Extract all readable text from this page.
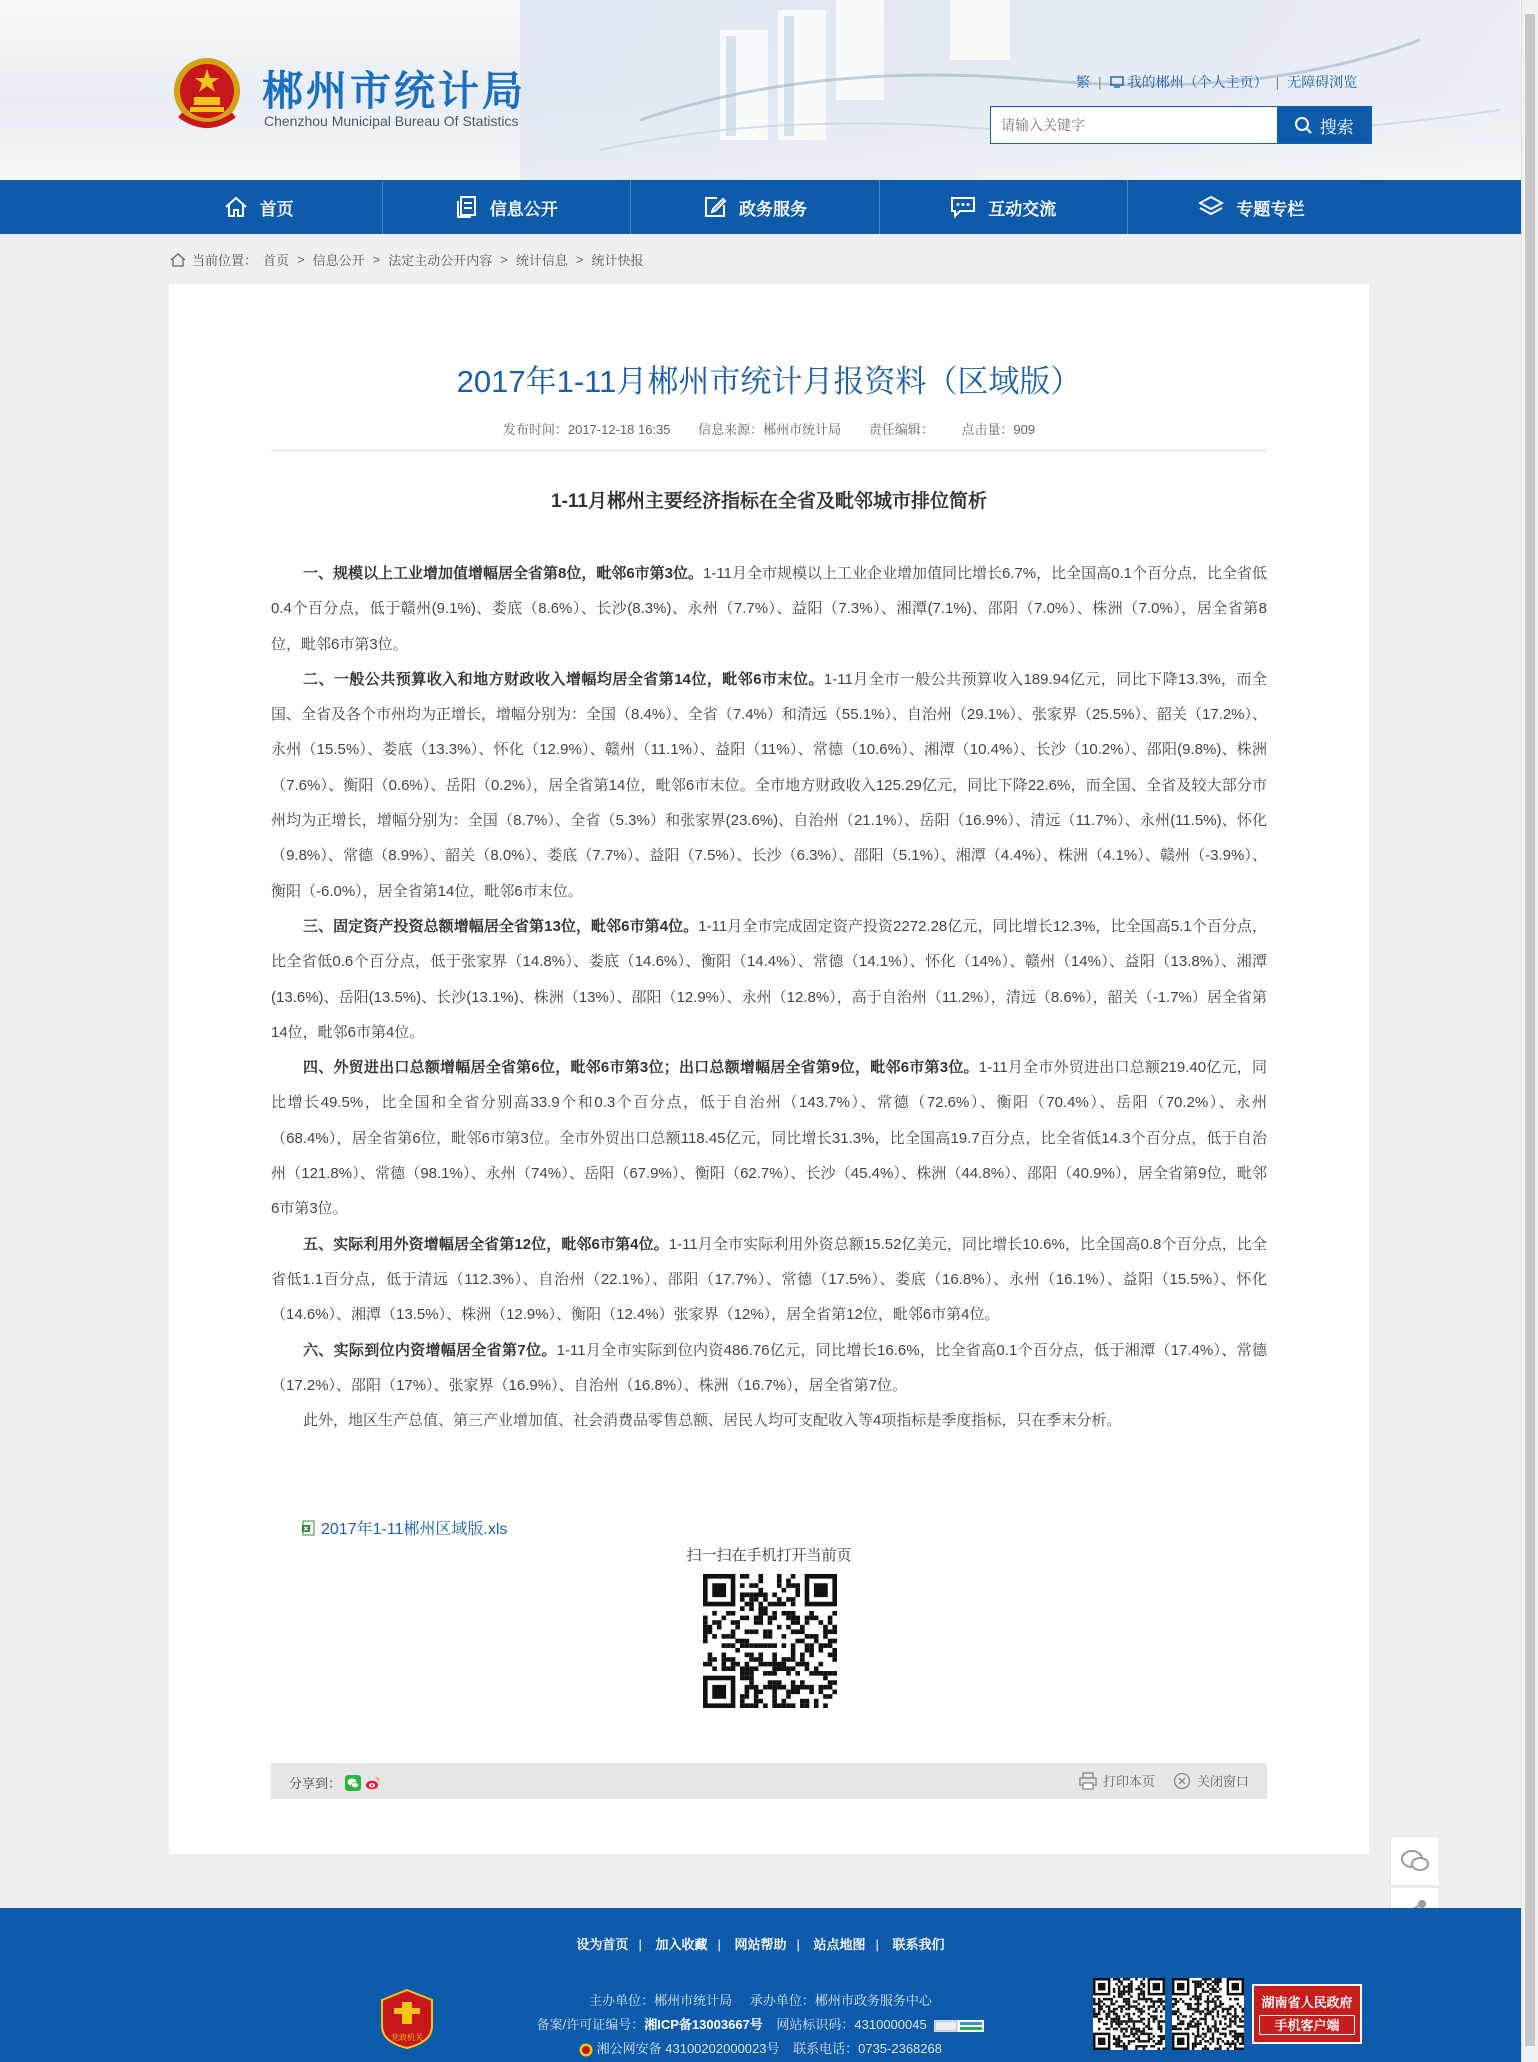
郴州市统计局
Chenzhou Municipal Bureau Of Statistics
繁 | 我的郴州（个人主页） | 无障碍浏览
请输入关键字
搜索
首页	信息公开	政务服务	互动交流	专题专栏
当前位置： 首页 > 信息公开 > 法定主动公开内容 > 统计信息 > 统计快报
2017年1-11月郴州市统计月报资料（区域版）
发布时间：2017-12-18 16:35 信息来源：郴州市统计局 责任编辑： 点击量：909
1-11月郴州主要经济指标在全省及毗邻城市排位简析

一、规模以上工业增加值增幅居全省第8位，毗邻6市第3位。1-11月全市规模以上工业企业增加值同比增长6.7%，比全国高0.1个百分点，比全省低0.4个百分点，低于赣州(9.1%)、娄底（8.6%）、长沙(8.3%)、永州（7.7%）、益阳（7.3%）、湘潭(7.1%)、邵阳（7.0%）、株洲（7.0%），居全省第8位，毗邻6市第3位。

二、一般公共预算收入和地方财政收入增幅均居全省第14位，毗邻6市末位。1-11月全市一般公共预算收入189.94亿元，同比下降13.3%，而全国、全省及各个市州均为正增长，增幅分别为：全国（8.4%）、全省（7.4%）和清远（55.1%）、自治州（29.1%）、张家界（25.5%）、韶关（17.2%）、永州（15.5%）、娄底（13.3%）、怀化（12.9%）、赣州（11.1%）、益阳（11%）、常德（10.6%）、湘潭（10.4%）、长沙（10.2%）、邵阳(9.8%)、株洲（7.6%）、衡阳（0.6%）、岳阳（0.2%），居全省第14位，毗邻6市末位。全市地方财政收入125.29亿元，同比下降22.6%，而全国、全省及较大部分市州均为正增长，增幅分别为：全国（8.7%）、全省（5.3%）和张家界(23.6%)、自治州（21.1%）、岳阳（16.9%）、清远（11.7%）、永州(11.5%)、怀化（9.8%）、常德（8.9%）、韶关（8.0%）、娄底（7.7%）、益阳（7.5%）、长沙（6.3%）、邵阳（5.1%）、湘潭（4.4%）、株洲（4.1%）、赣州（-3.9%）、衡阳（-6.0%），居全省第14位，毗邻6市末位。

三、固定资产投资总额增幅居全省第13位，毗邻6市第4位。1-11月全市完成固定资产投资2272.28亿元，同比增长12.3%，比全国高5.1个百分点，比全省低0.6个百分点，低于张家界（14.8%）、娄底（14.6%）、衡阳（14.4%）、常德（14.1%）、怀化（14%）、赣州（14%）、益阳（13.8%）、湘潭(13.6%)、岳阳(13.5%)、长沙(13.1%)、株洲（13%）、邵阳（12.9%）、永州（12.8%），高于自治州（11.2%），清远（8.6%），韶关（-1.7%）居全省第14位，毗邻6市第4位。

四、外贸进出口总额增幅居全省第6位，毗邻6市第3位；出口总额增幅居全省第9位，毗邻6市第3位。1-11月全市外贸进出口总额219.40亿元，同比增长49.5%，比全国和全省分别高33.9个和0.3个百分点，低于自治州（143.7%）、常德（72.6%）、衡阳（70.4%）、岳阳（70.2%）、永州（68.4%），居全省第6位，毗邻6市第3位。全市外贸出口总额118.45亿元，同比增长31.3%，比全国高19.7百分点，比全省低14.3个百分点，低于自治州（121.8%）、常德（98.1%）、永州（74%）、岳阳（67.9%）、衡阳（62.7%）、长沙（45.4%）、株洲（44.8%）、邵阳（40.9%），居全省第9位，毗邻6市第3位。

五、实际利用外资增幅居全省第12位，毗邻6市第4位。1-11月全市实际利用外资总额15.52亿美元，同比增长10.6%，比全国高0.8个百分点，比全省低1.1百分点，低于清远（112.3%）、自治州（22.1%）、邵阳（17.7%）、常德（17.5%）、娄底（16.8%）、永州（16.1%）、益阳（15.5%）、怀化（14.6%）、湘潭（13.5%）、株洲（12.9%）、衡阳（12.4%）张家界（12%），居全省第12位，毗邻6市第4位。

六、实际到位内资增幅居全省第7位。1-11月全市实际到位内资486.76亿元，同比增长16.6%，比全省高0.1个百分点，低于湘潭（17.4%）、常德（17.2%）、邵阳（17%）、张家界（16.9%）、自治州（16.8%）、株洲（16.7%），居全省第7位。

此外，地区生产总值、第三产业增加值、社会消费品零售总额、居民人均可支配收入等4项指标是季度指标，只在季末分析。

2017年1-11郴州区域版.xls
扫一扫在手机打开当前页
分享到：	打印本页	关闭窗口
设为首页 | 加入收藏 | 网站帮助 | 站点地图 | 联系我们
党政机关
主办单位：郴州市统计局 承办单位：郴州市政务服务中心
备案/许可证编号：湘ICP备13003667号 网站标识码：4310000045
湘公网安备 43100202000023号 联系电话：0735-2368268
湖南省人民政府
手机客户端
